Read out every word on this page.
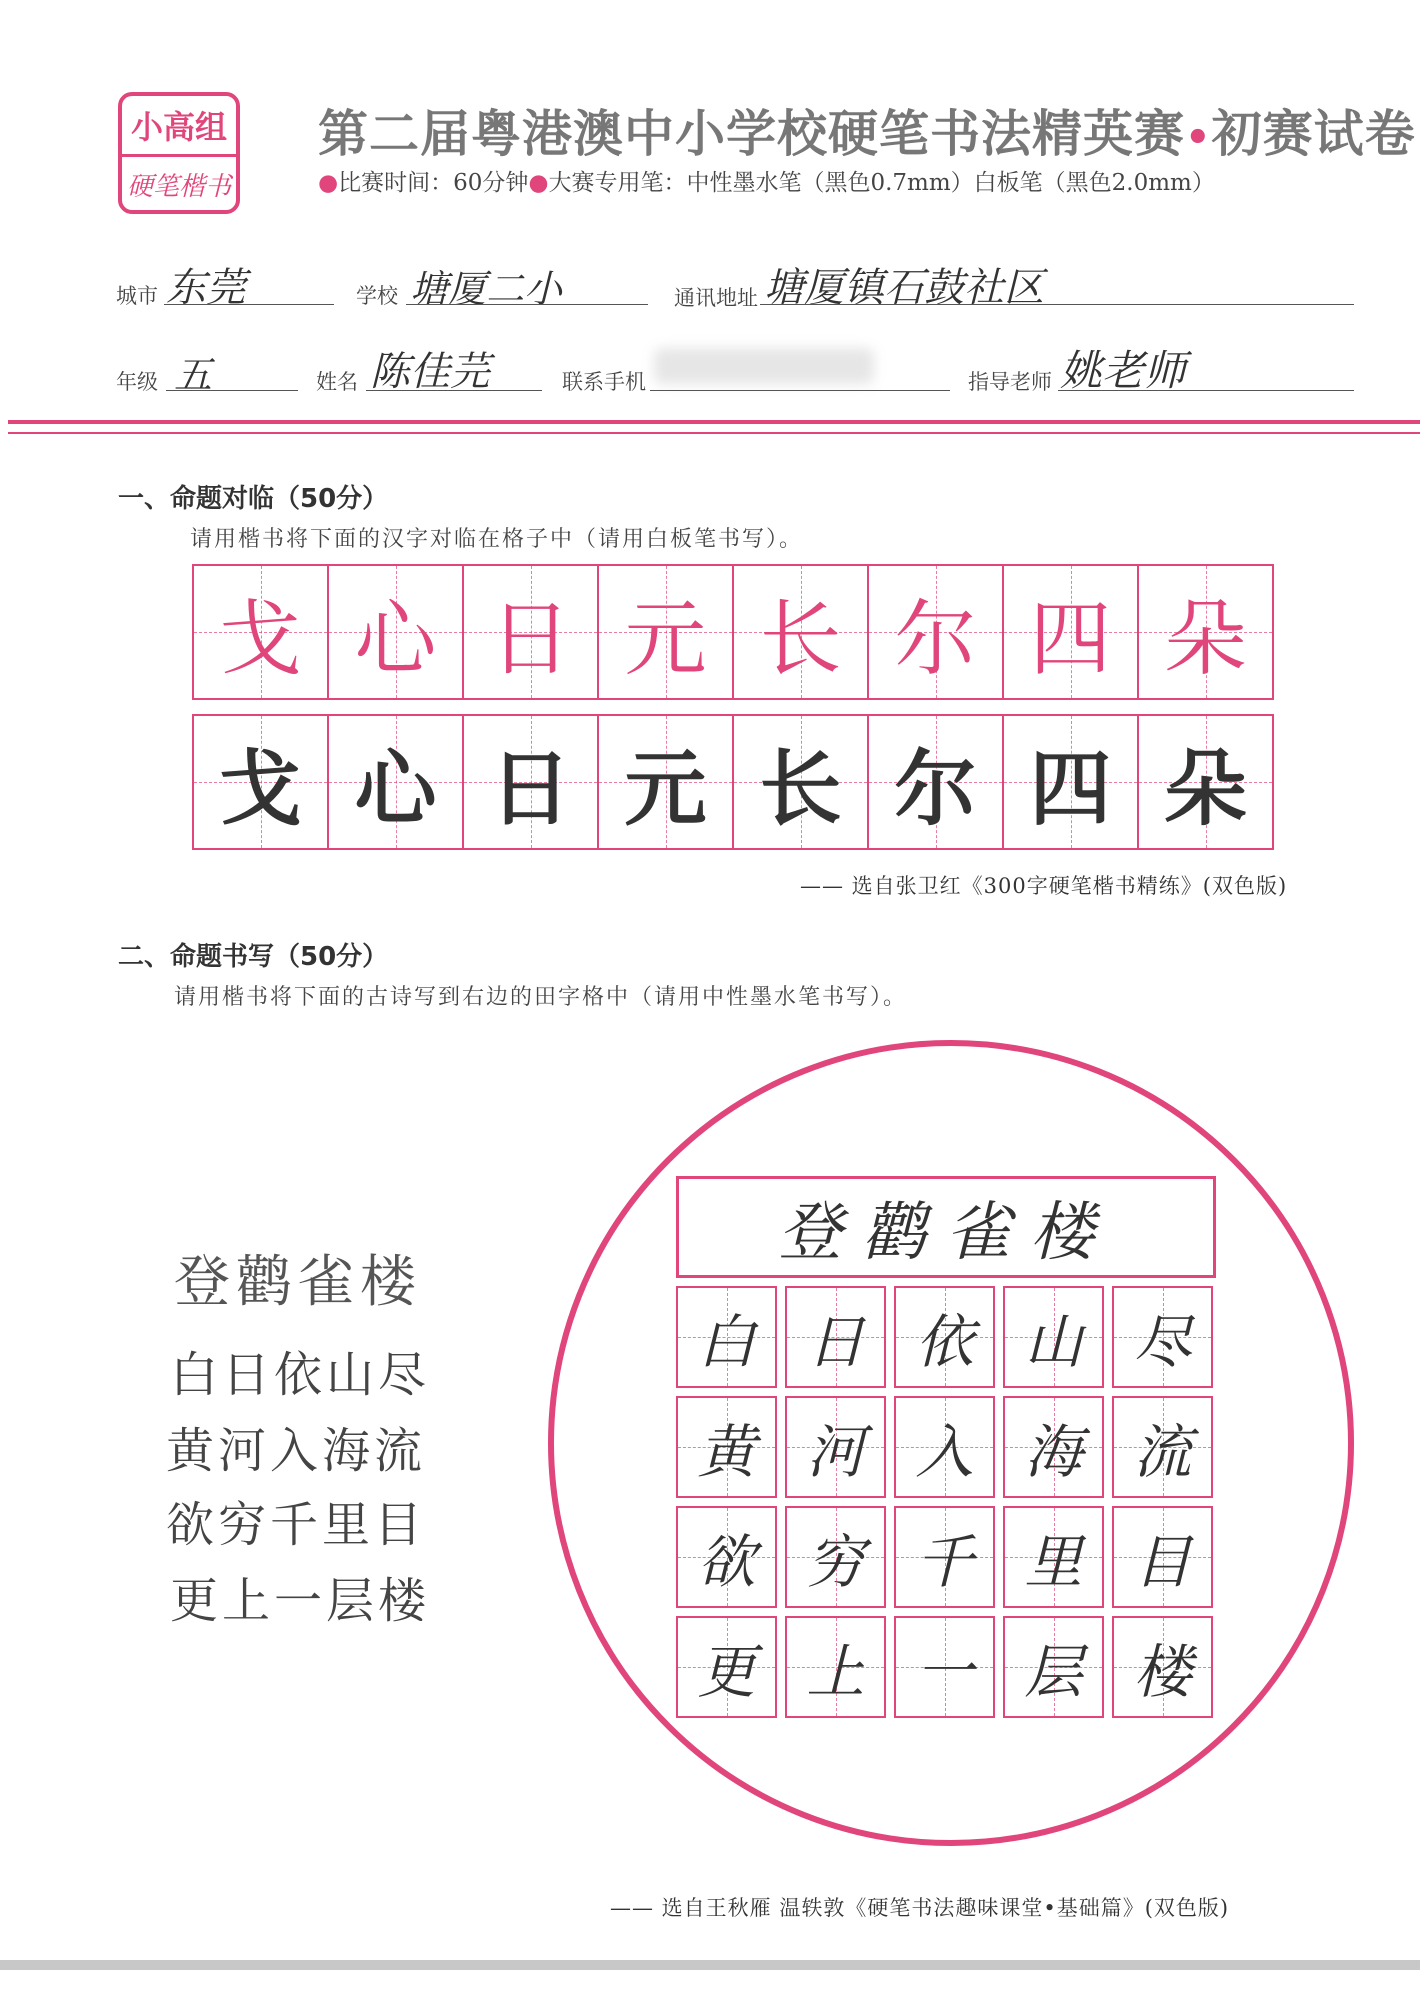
小高组
硬笔楷书
第二届粤港澳中小学校硬笔书法精英赛•初赛试卷
●比赛时间：60分钟●大赛专用笔：中性墨水笔（黑色0.7mm）白板笔（黑色2.0mm）
城市 东莞	学校 塘厦二小	通讯地址 塘厦镇石鼓社区
年级 五	姓名 陈佳芫	联系手机	指导老师 姚老师
一、命题对临（50分）
请用楷书将下面的汉字对临在格子中（请用白板笔书写）。
戈 心 日 元 长 尔 四 朵
戈 心 日 元 长 尔 四 朵
—— 选自张卫红《300字硬笔楷书精练》(双色版)
二、命题书写（50分）
请用楷书将下面的古诗写到右边的田字格中（请用中性墨水笔书写）。
登鹳雀楼
白日依山尽
黄河入海流
欲穷千里目
更上一层楼
登鹳雀楼
白 日 依 山 尽
黄 河 入 海 流
欲 穷 千 里 目
更 上 一 层 楼
—— 选自王秋雁 温轶敦《硬笔书法趣味课堂•基础篇》(双色版)
